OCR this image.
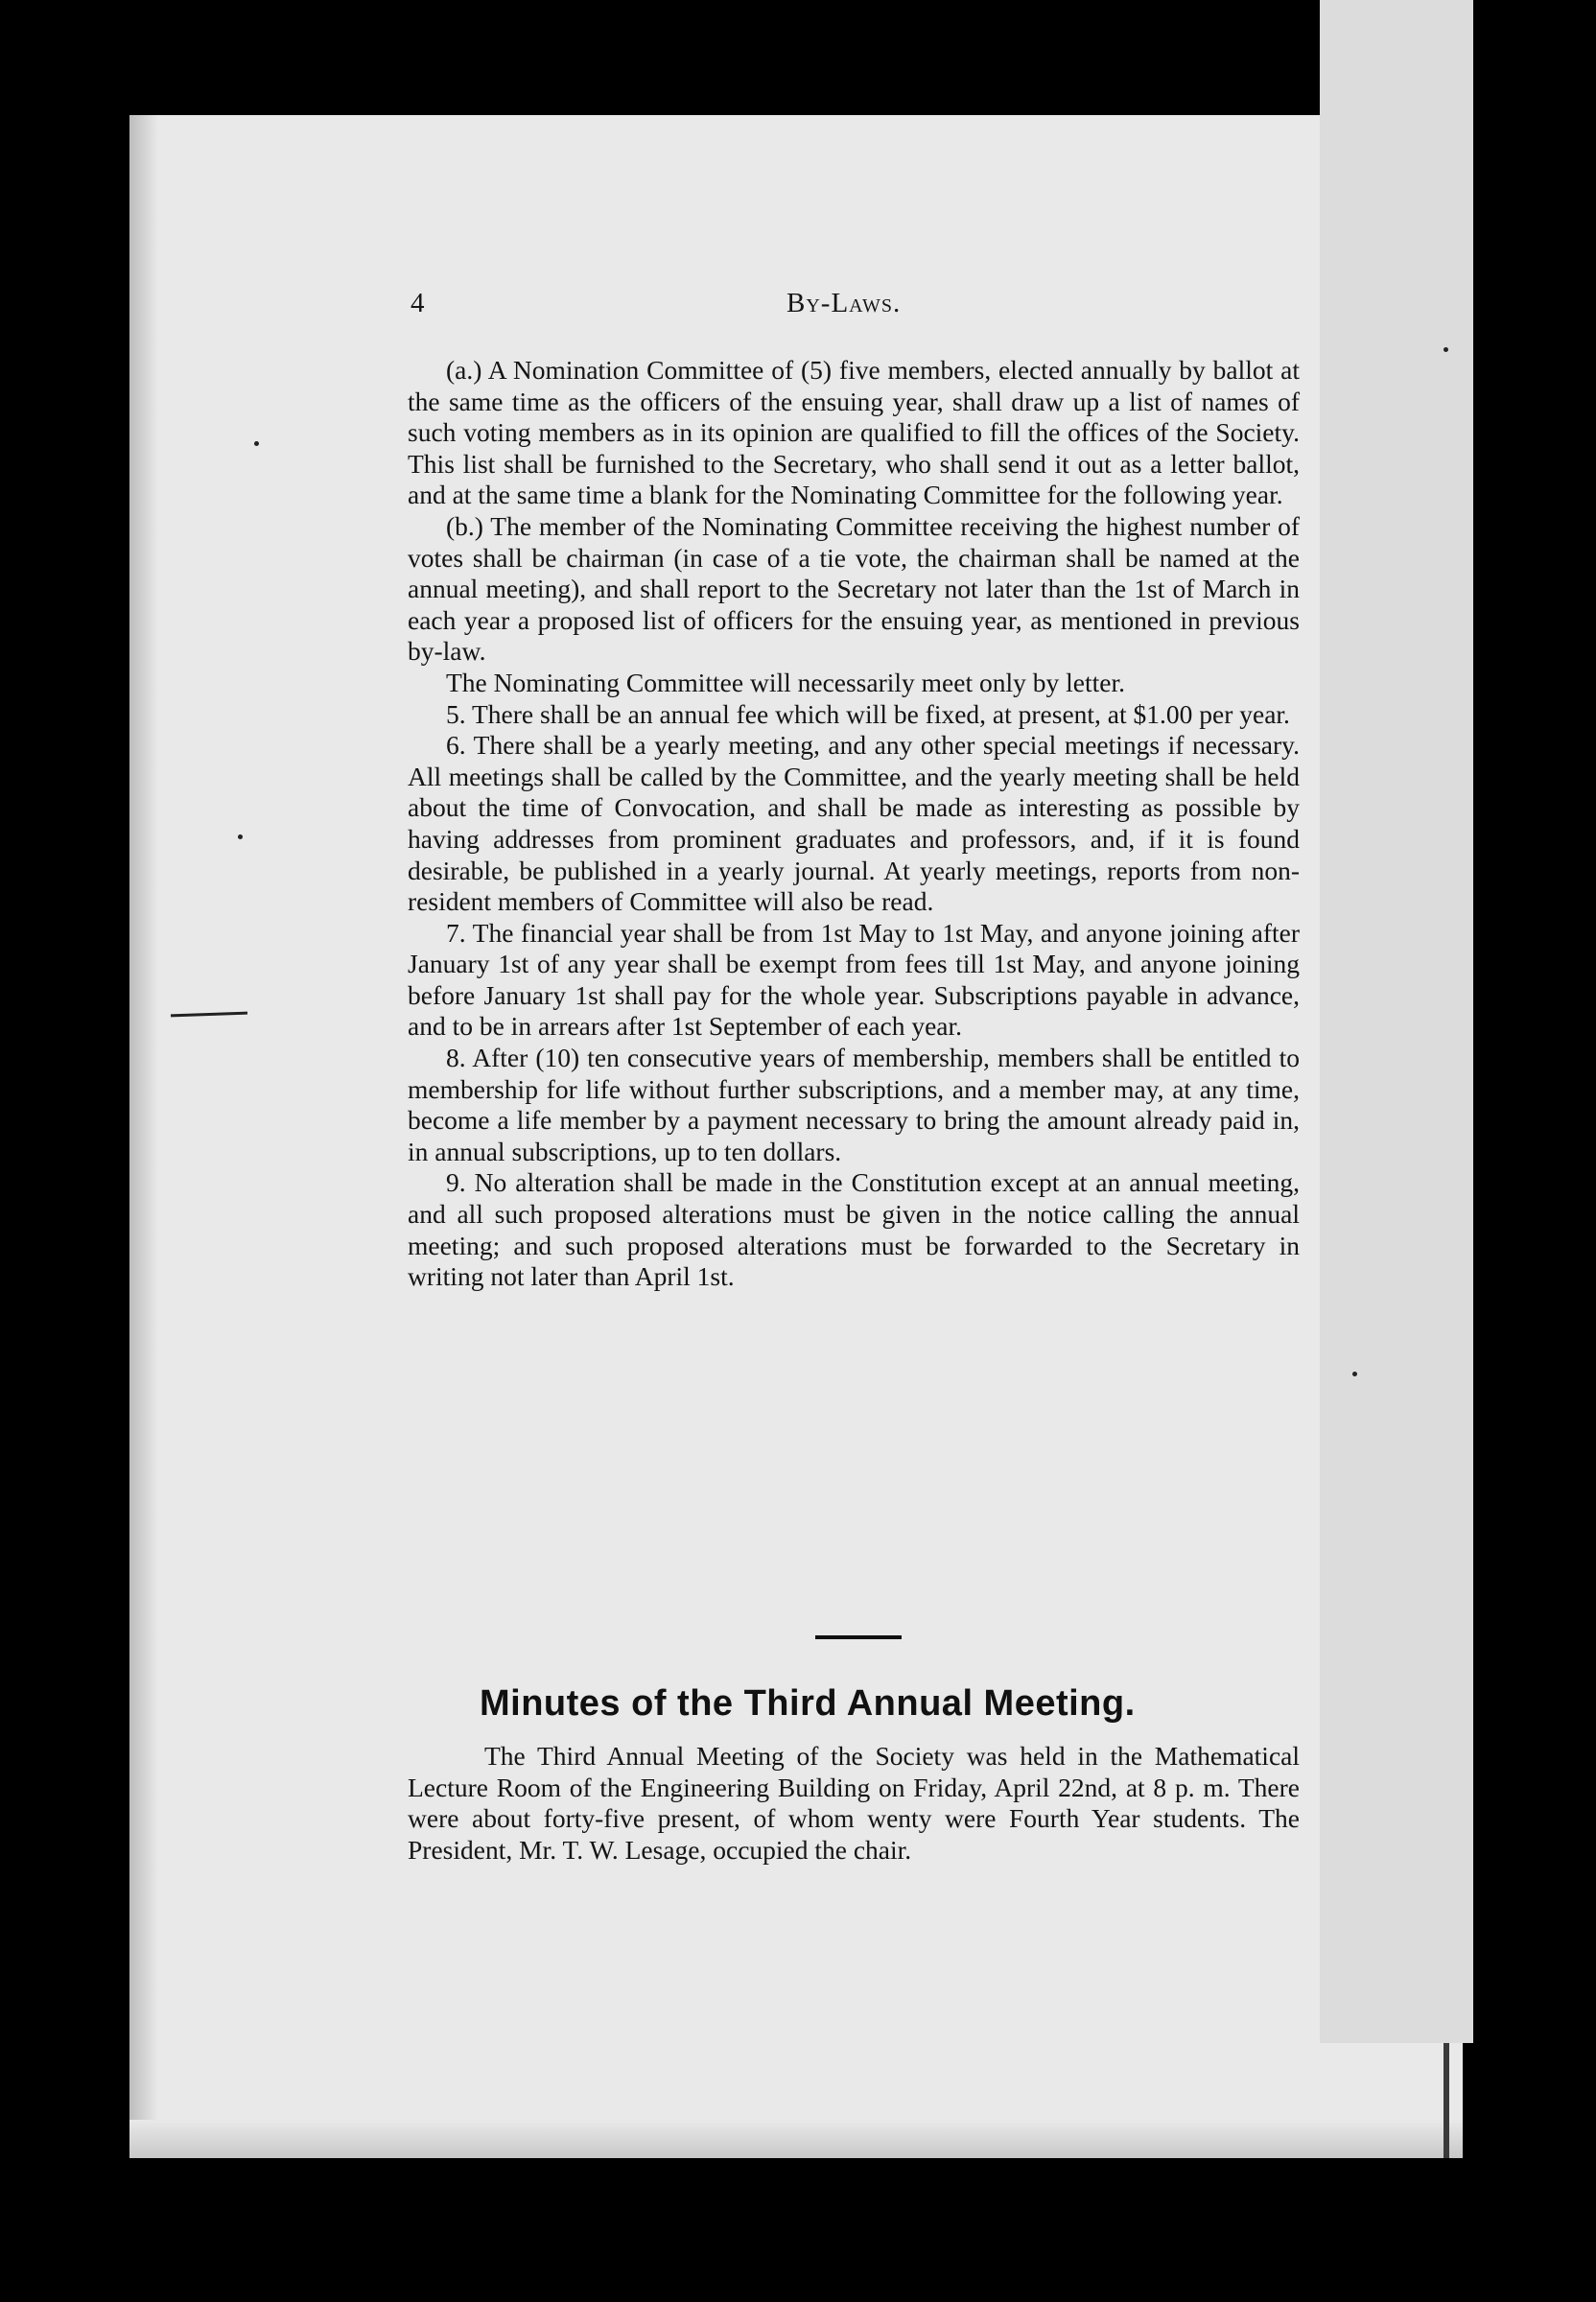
4	By-Laws.

(a.) A Nomination Committee of (5) five members, elected annually by ballot at the same time as the officers of the ensuing year, shall draw up a list of names of such voting members as in its opinion are qualified to fill the offices of the Society. This list shall be furnished to the Secretary, who shall send it out as a letter ballot, and at the same time a blank for the Nominating Committee for the following year.

(b.) The member of the Nominating Committee receiving the highest number of votes shall be chairman (in case of a tie vote, the chairman shall be named at the annual meeting), and shall report to the Secretary not later than the 1st of March in each year a proposed list of officers for the ensuing year, as mentioned in previous by-law.

The Nominating Committee will necessarily meet only by letter.

5. There shall be an annual fee which will be fixed, at present, at $1.00 per year.

6. There shall be a yearly meeting, and any other special meetings if necessary. All meetings shall be called by the Committee, and the yearly meeting shall be held about the time of Convocation, and shall be made as interesting as possible by having addresses from prominent graduates and professors, and, if it is found desirable, be published in a yearly journal. At yearly meetings, reports from non-resident members of Committee will also be read.

7. The financial year shall be from 1st May to 1st May, and anyone joining after January 1st of any year shall be exempt from fees till 1st May, and anyone joining before January 1st shall pay for the whole year. Subscriptions payable in advance, and to be in arrears after 1st September of each year.

8. After (10) ten consecutive years of membership, members shall be entitled to membership for life without further subscriptions, and a member may, at any time, become a life member by a payment necessary to bring the amount already paid in, in annual subscriptions, up to ten dollars.

9. No alteration shall be made in the Constitution except at an annual meeting, and all such proposed alterations must be given in the notice calling the annual meeting; and such proposed alterations must be forwarded to the Secretary in writing not later than April 1st.

Minutes of the Third Annual Meeting.

The Third Annual Meeting of the Society was held in the Mathematical Lecture Room of the Engineering Building on Friday, April 22nd, at 8 p. m. There were about forty-five present, of whom wenty were Fourth Year students. The President, Mr. T. W. Lesage, occupied the chair.
